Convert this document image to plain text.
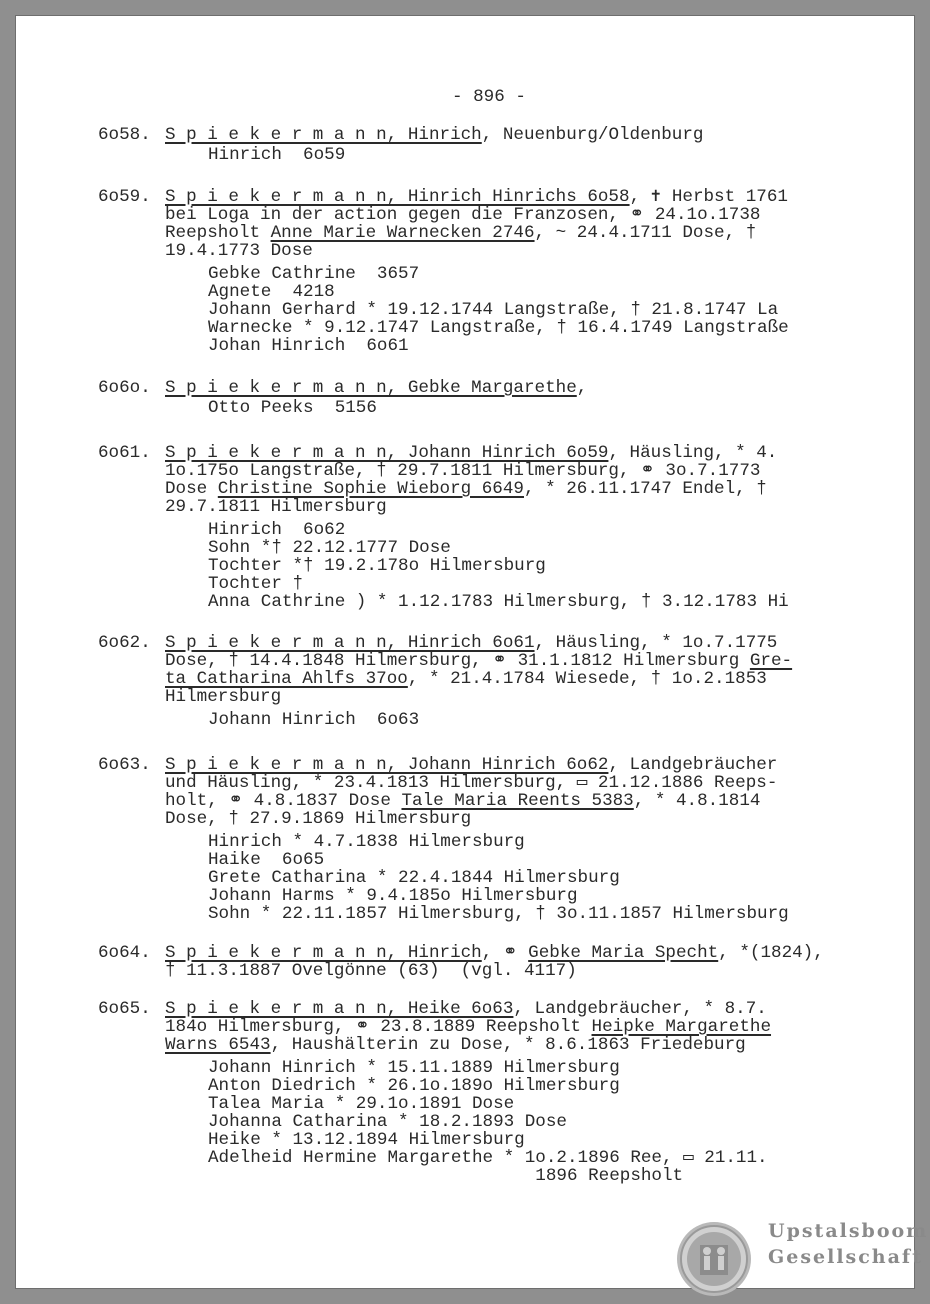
- 896 -
6o58. S p i e k e r m a n n, Hinrich, Neuenburg/Oldenburg
Hinrich  6o59
6o59. S p i e k e r m a n n, Hinrich Hinrichs 6o58, ✝ Herbst 1761
bei Loga in der action gegen die Franzosen, ⚭ 24.1o.1738
Reepsholt Anne Marie Warnecken 2746, ~ 24.4.1711 Dose, †
19.4.1773 Dose
Gebke Cathrine  3657
Agnete  4218
Johann Gerhard * 19.12.1744 Langstraße, † 21.8.1747 La
Warnecke * 9.12.1747 Langstraße, † 16.4.1749 Langstraße
Johan Hinrich  6o61
6o6o. S p i e k e r m a n n, Gebke Margarethe,
Otto Peeks  5156
6o61. S p i e k e r m a n n, Johann Hinrich 6o59, Häusling, * 4.
1o.175o Langstraße, † 29.7.1811 Hilmersburg, ⚭ 3o.7.1773
Dose Christine Sophie Wieborg 6649, * 26.11.1747 Endel, †
29.7.1811 Hilmersburg
Hinrich  6o62
Sohn *† 22.12.1777 Dose
Tochter *† 19.2.178o Hilmersburg
Tochter †
Anna Cathrine ) * 1.12.1783 Hilmersburg, † 3.12.1783 Hi
6o62. S p i e k e r m a n n, Hinrich 6o61, Häusling, * 1o.7.1775
Dose, † 14.4.1848 Hilmersburg, ⚭ 31.1.1812 Hilmersburg Gre-
ta Catharina Ahlfs 37oo, * 21.4.1784 Wiesede, † 1o.2.1853
Hilmersburg
Johann Hinrich  6o63
6o63. S p i e k e r m a n n, Johann Hinrich 6o62, Landgebräucher
und Häusling, * 23.4.1813 Hilmersburg, ▭ 21.12.1886 Reeps-
holt, ⚭ 4.8.1837 Dose Tale Maria Reents 5383, * 4.8.1814
Dose, † 27.9.1869 Hilmersburg
Hinrich * 4.7.1838 Hilmersburg
Haike  6o65
Grete Catharina * 22.4.1844 Hilmersburg
Johann Harms * 9.4.185o Hilmersburg
Sohn * 22.11.1857 Hilmersburg, † 3o.11.1857 Hilmersburg
6o64. S p i e k e r m a n n, Hinrich, ⚭ Gebke Maria Specht, *(1824),
† 11.3.1887 Ovelgönne (63)  (vgl. 4117)
6o65. S p i e k e r m a n n, Heike 6o63, Landgebräucher, * 8.7.
184o Hilmersburg, ⚭ 23.8.1889 Reepsholt Heipke Margarethe
Warns 6543, Haushälterin zu Dose, * 8.6.1863 Friedeburg
Johann Hinrich * 15.11.1889 Hilmersburg
Anton Diedrich * 26.1o.189o Hilmersburg
Talea Maria * 29.1o.1891 Dose
Johanna Catharina * 18.2.1893 Dose
Heike * 13.12.1894 Hilmersburg
Adelheid Hermine Margarethe * 1o.2.1896 Ree, ▭ 21.11.
1896 Reepsholt
Upstalsboom
Gesellschaft
